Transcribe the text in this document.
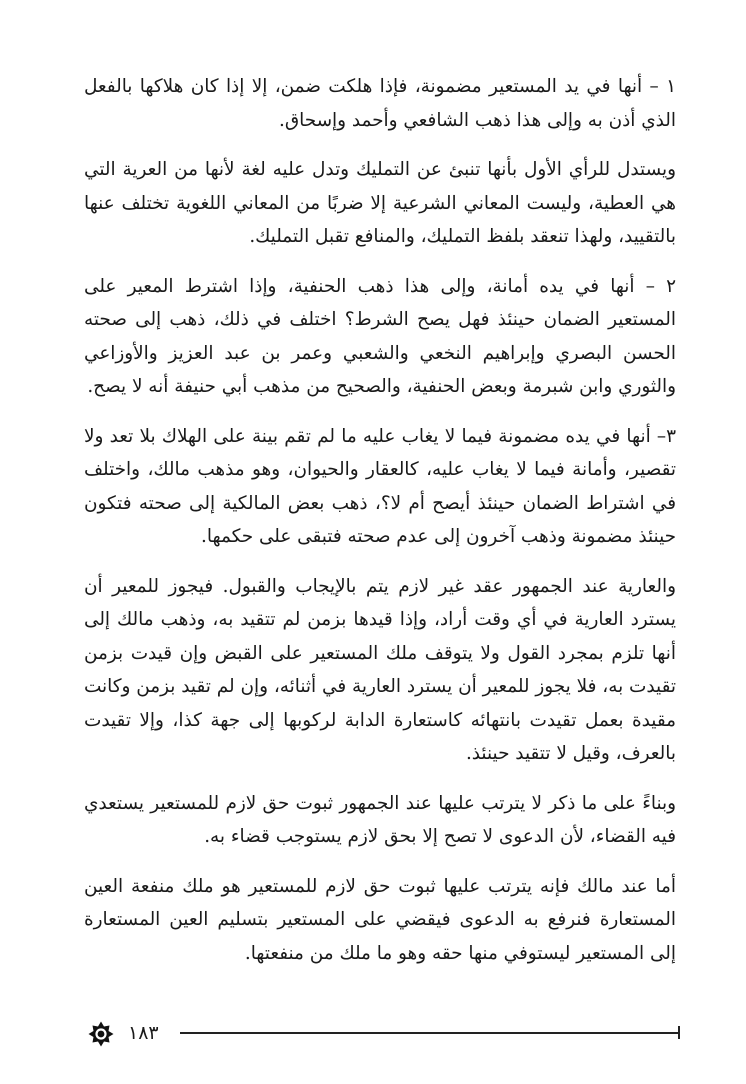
١ – أنها في يد المستعير مضمونة، فإذا هلكت ضمن، إلا إذا كان هلاكها بالفعل الذي أذن به وإلى هذا ذهب الشافعي وأحمد وإسحاق.

ويستدل للرأي الأول بأنها تنبئ عن التمليك وتدل عليه لغة لأنها من العرية التي هي العطية، وليست المعاني الشرعية إلا ضربًا من المعاني اللغوية تختلف عنها بالتقييد، ولهذا تنعقد بلفظ التمليك، والمنافع تقبل التمليك.

٢ – أنها في يده أمانة، وإلى هذا ذهب الحنفية، وإذا اشترط المعير على المستعير الضمان حينئذ فهل يصح الشرط؟ اختلف في ذلك، ذهب إلى صحته الحسن البصري وإبراهيم النخعي والشعبي وعمر بن عبد العزيز والأوزاعي والثوري وابن شبرمة وبعض الحنفية، والصحيح من مذهب أبي حنيفة أنه لا يصح.

٣– أنها في يده مضمونة فيما لا يغاب عليه ما لم تقم بينة على الهلاك بلا تعد ولا تقصير، وأمانة فيما لا يغاب عليه، كالعقار والحيوان، وهو مذهب مالك، واختلف في اشتراط الضمان حينئذ أيصح أم لا؟، ذهب بعض المالكية إلى صحته فتكون حينئذ مضمونة وذهب آخرون إلى عدم صحته فتبقى على حكمها.

والعارية عند الجمهور عقد غير لازم يتم بالإيجاب والقبول. فيجوز للمعير أن يسترد العارية في أي وقت أراد، وإذا قيدها بزمن لم تتقيد به، وذهب مالك إلى أنها تلزم بمجرد القول ولا يتوقف ملك المستعير على القبض وإن قيدت بزمن تقيدت به، فلا يجوز للمعير أن يسترد العارية في أثنائه، وإن لم تقيد بزمن وكانت مقيدة بعمل تقيدت بانتهائه كاستعارة الدابة لركوبها إلى جهة كذا، وإلا تقيدت بالعرف، وقيل لا تتقيد حينئذ.

وبناءً على ما ذكر لا يترتب عليها عند الجمهور ثبوت حق لازم للمستعير يستعدي فيه القضاء، لأن الدعوى لا تصح إلا بحق لازم يستوجب قضاء به.

أما عند مالك فإنه يترتب عليها ثبوت حق لازم للمستعير هو ملك منفعة العين المستعارة فنرفع به الدعوى فيقضي على المستعير بتسليم العين المستعارة إلى المستعير ليستوفي منها حقه وهو ما ملك من منفعتها.

١٨٣
